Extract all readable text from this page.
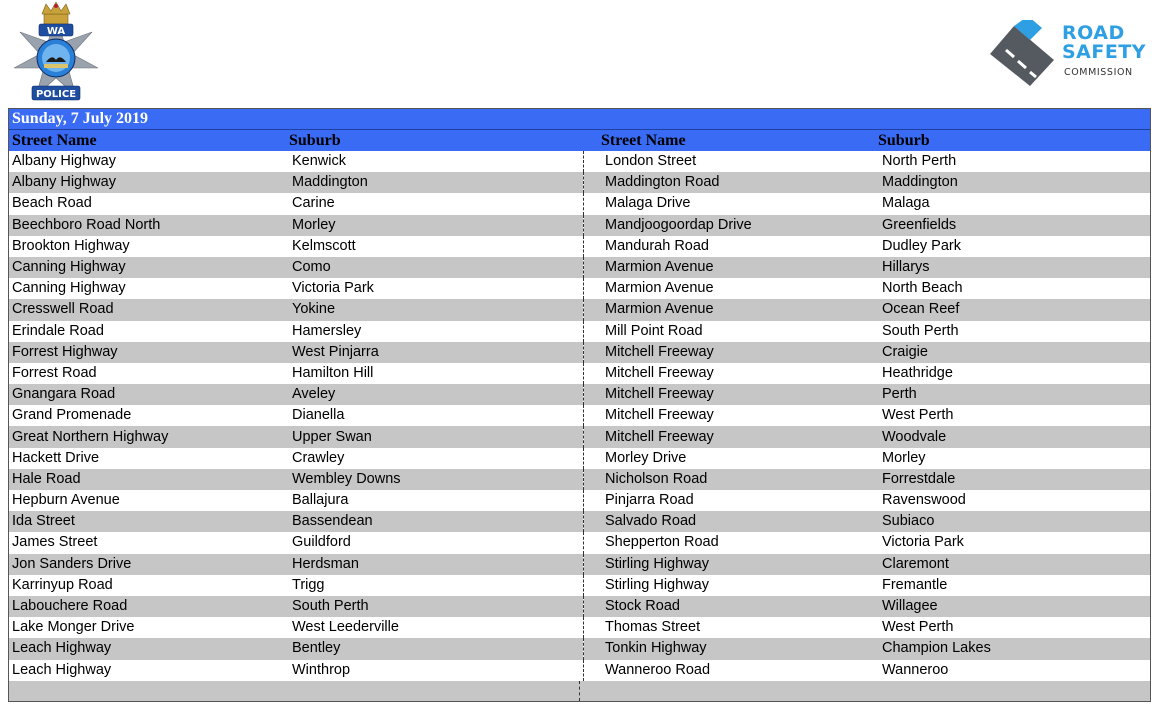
WA
POLICE
ROAD
SAFETY
COMMISSION
Sunday, 7 July 2019
Street Name	Suburb	Street Name	Suburb
Albany Highway	Kenwick	London Street	North Perth
Albany Highway	Maddington	Maddington Road	Maddington
Beach Road	Carine	Malaga Drive	Malaga
Beechboro Road North	Morley	Mandjoogoordap Drive	Greenfields
Brookton Highway	Kelmscott	Mandurah Road	Dudley Park
Canning Highway	Como	Marmion Avenue	Hillarys
Canning Highway	Victoria Park	Marmion Avenue	North Beach
Cresswell Road	Yokine	Marmion Avenue	Ocean Reef
Erindale Road	Hamersley	Mill Point Road	South Perth
Forrest Highway	West Pinjarra	Mitchell Freeway	Craigie
Forrest Road	Hamilton Hill	Mitchell Freeway	Heathridge
Gnangara Road	Aveley	Mitchell Freeway	Perth
Grand Promenade	Dianella	Mitchell Freeway	West Perth
Great Northern Highway	Upper Swan	Mitchell Freeway	Woodvale
Hackett Drive	Crawley	Morley Drive	Morley
Hale Road	Wembley Downs	Nicholson Road	Forrestdale
Hepburn Avenue	Ballajura	Pinjarra Road	Ravenswood
Ida Street	Bassendean	Salvado Road	Subiaco
James Street	Guildford	Shepperton Road	Victoria Park
Jon Sanders Drive	Herdsman	Stirling Highway	Claremont
Karrinyup Road	Trigg	Stirling Highway	Fremantle
Labouchere Road	South Perth	Stock Road	Willagee
Lake Monger Drive	West Leederville	Thomas Street	West Perth
Leach Highway	Bentley	Tonkin Highway	Champion Lakes
Leach Highway	Winthrop	Wanneroo Road	Wanneroo
